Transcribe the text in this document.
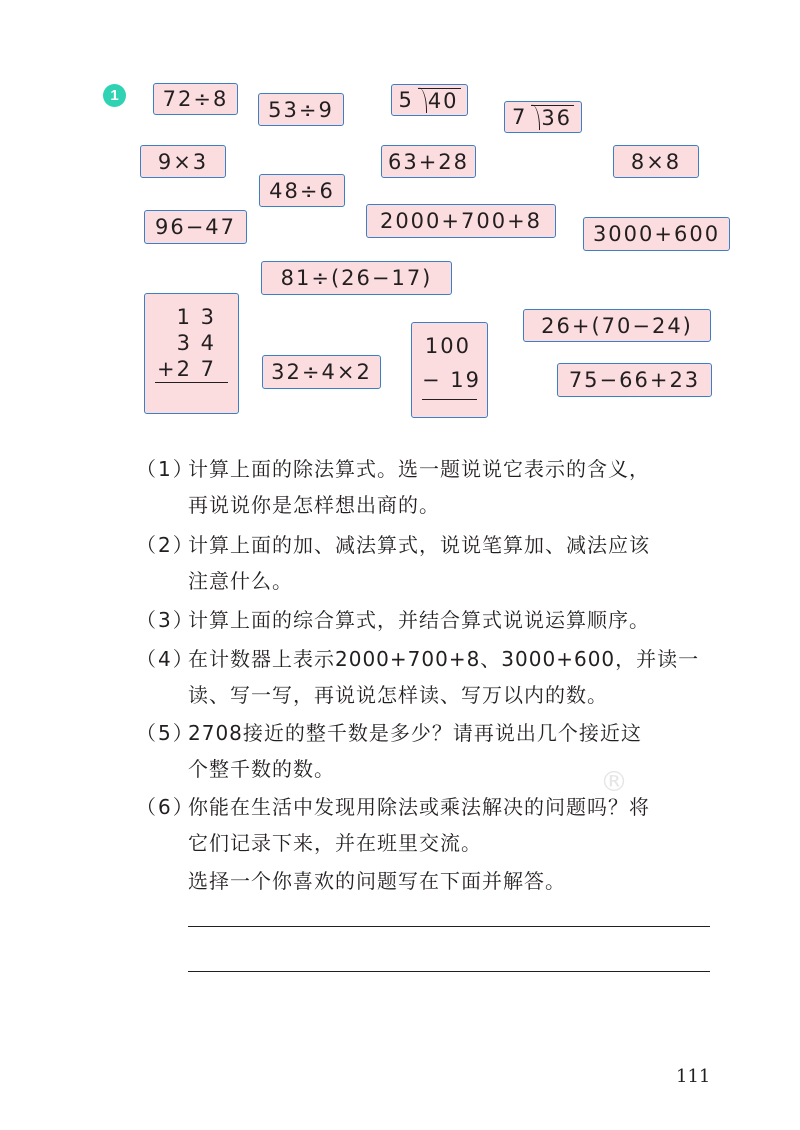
1	72÷8	53÷9	5 40
7 36
9×3	63+28	8×8
48÷6
96−47	2000+700+8
3000+600
81÷(26−17)
1 3
3 4
+2 7
26+(70−24)
32÷4×2
100
− 19	75−66+23
（1）计算上面的除法算式。选一题说说它表示的含义，
再说说你是怎样想出商的。
（2）计算上面的加、减法算式，说说笔算加、减法应该
注意什么。
（3）计算上面的综合算式，并结合算式说说运算顺序。
（4）在计数器上表示2000+700+8、3000+600，并读一
读、写一写，再说说怎样读、写万以内的数。
（5）2708接近的整千数是多少？请再说出几个接近这
个整千数的数。
（6）你能在生活中发现用除法或乘法解决的问题吗？将
它们记录下来，并在班里交流。
选择一个你喜欢的问题写在下面并解答。
®
111
